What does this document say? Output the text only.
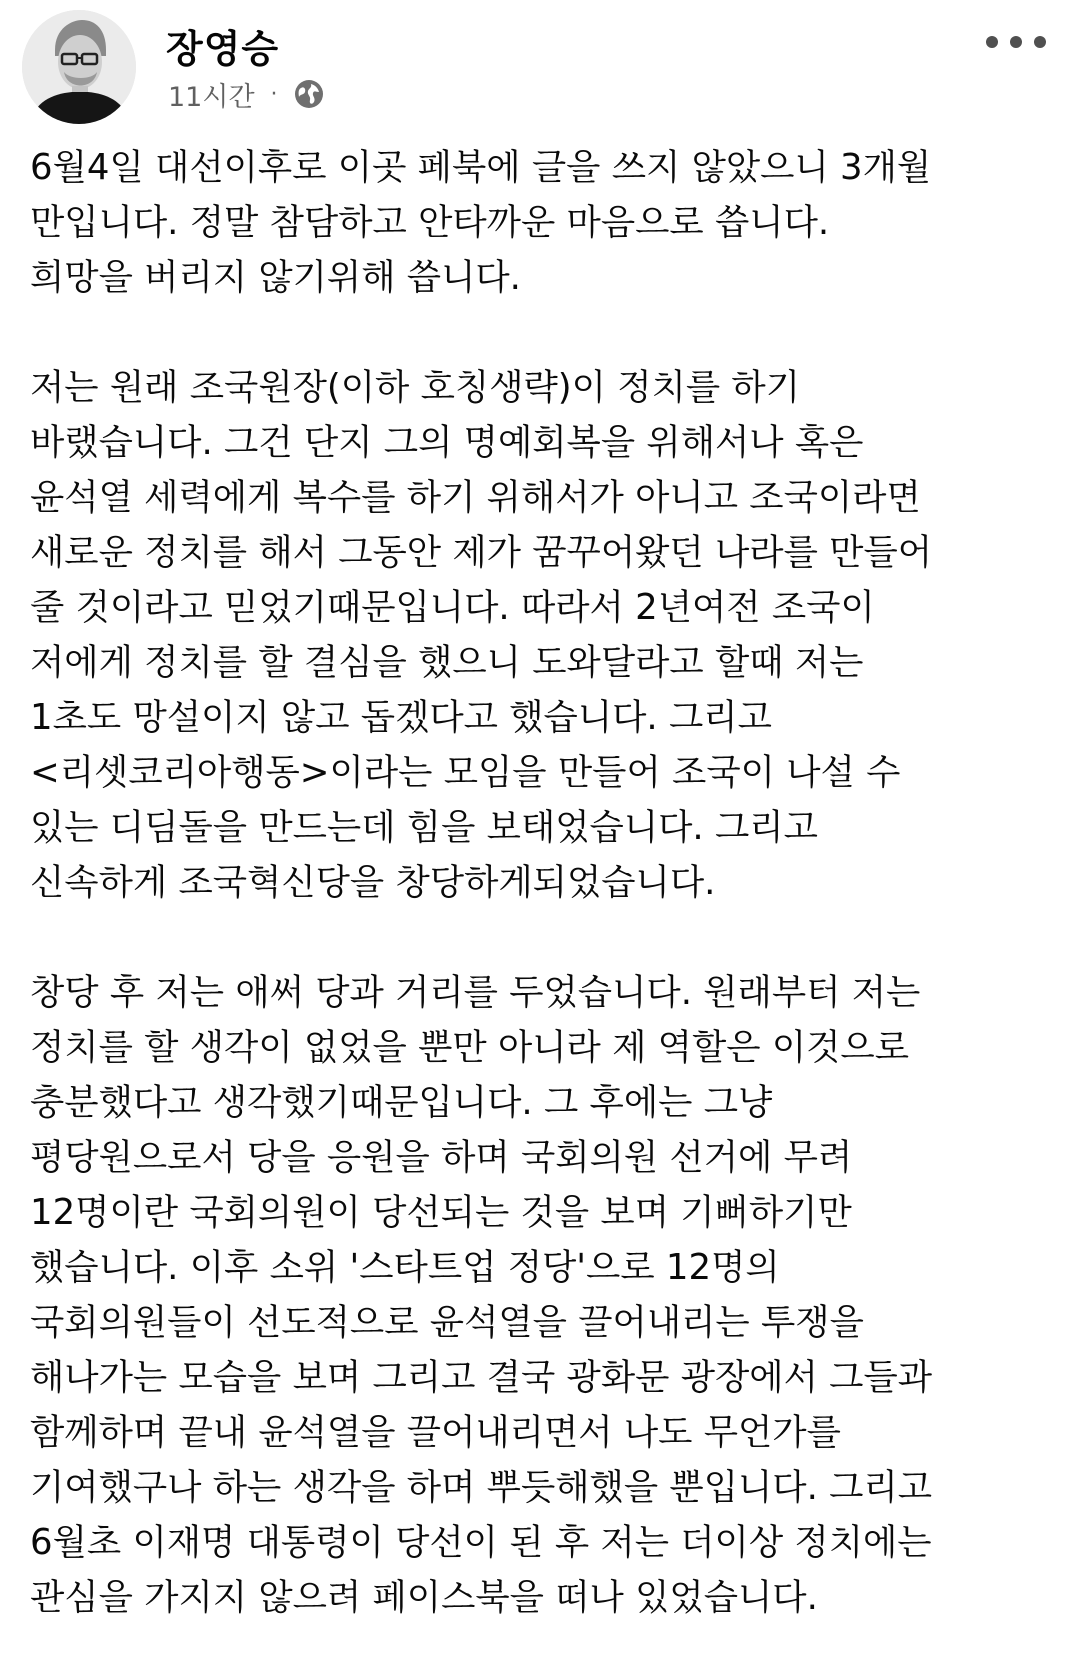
장영승
11시간 ·
6월4일 대선이후로 이곳 페북에 글을 쓰지 않았으니 3개월
만입니다. 정말 참담하고 안타까운 마음으로 씁니다.
희망을 버리지 않기위해 씁니다.
저는 원래 조국원장(이하 호칭생략)이 정치를 하기
바랬습니다. 그건 단지 그의 명예회복을 위해서나 혹은
윤석열 세력에게 복수를 하기 위해서가 아니고 조국이라면
새로운 정치를 해서 그동안 제가 꿈꾸어왔던 나라를 만들어
줄 것이라고 믿었기때문입니다. 따라서 2년여전 조국이
저에게 정치를 할 결심을 했으니 도와달라고 할때 저는
1초도 망설이지 않고 돕겠다고 했습니다. 그리고
<리셋코리아행동>이라는 모임을 만들어 조국이 나설 수
있는 디딤돌을 만드는데 힘을 보태었습니다. 그리고
신속하게 조국혁신당을 창당하게되었습니다.
창당 후 저는 애써 당과 거리를 두었습니다. 원래부터 저는
정치를 할 생각이 없었을 뿐만 아니라 제 역할은 이것으로
충분했다고 생각했기때문입니다. 그 후에는 그냥
평당원으로서 당을 응원을 하며 국회의원 선거에 무려
12명이란 국회의원이 당선되는 것을 보며 기뻐하기만
했습니다. 이후 소위 '스타트업 정당'으로 12명의
국회의원들이 선도적으로 윤석열을 끌어내리는 투쟁을
해나가는 모습을 보며 그리고 결국 광화문 광장에서 그들과
함께하며 끝내 윤석열을 끌어내리면서 나도 무언가를
기여했구나 하는 생각을 하며 뿌듯해했을 뿐입니다. 그리고
6월초 이재명 대통령이 당선이 된 후 저는 더이상 정치에는
관심을 가지지 않으려 페이스북을 떠나 있었습니다.
